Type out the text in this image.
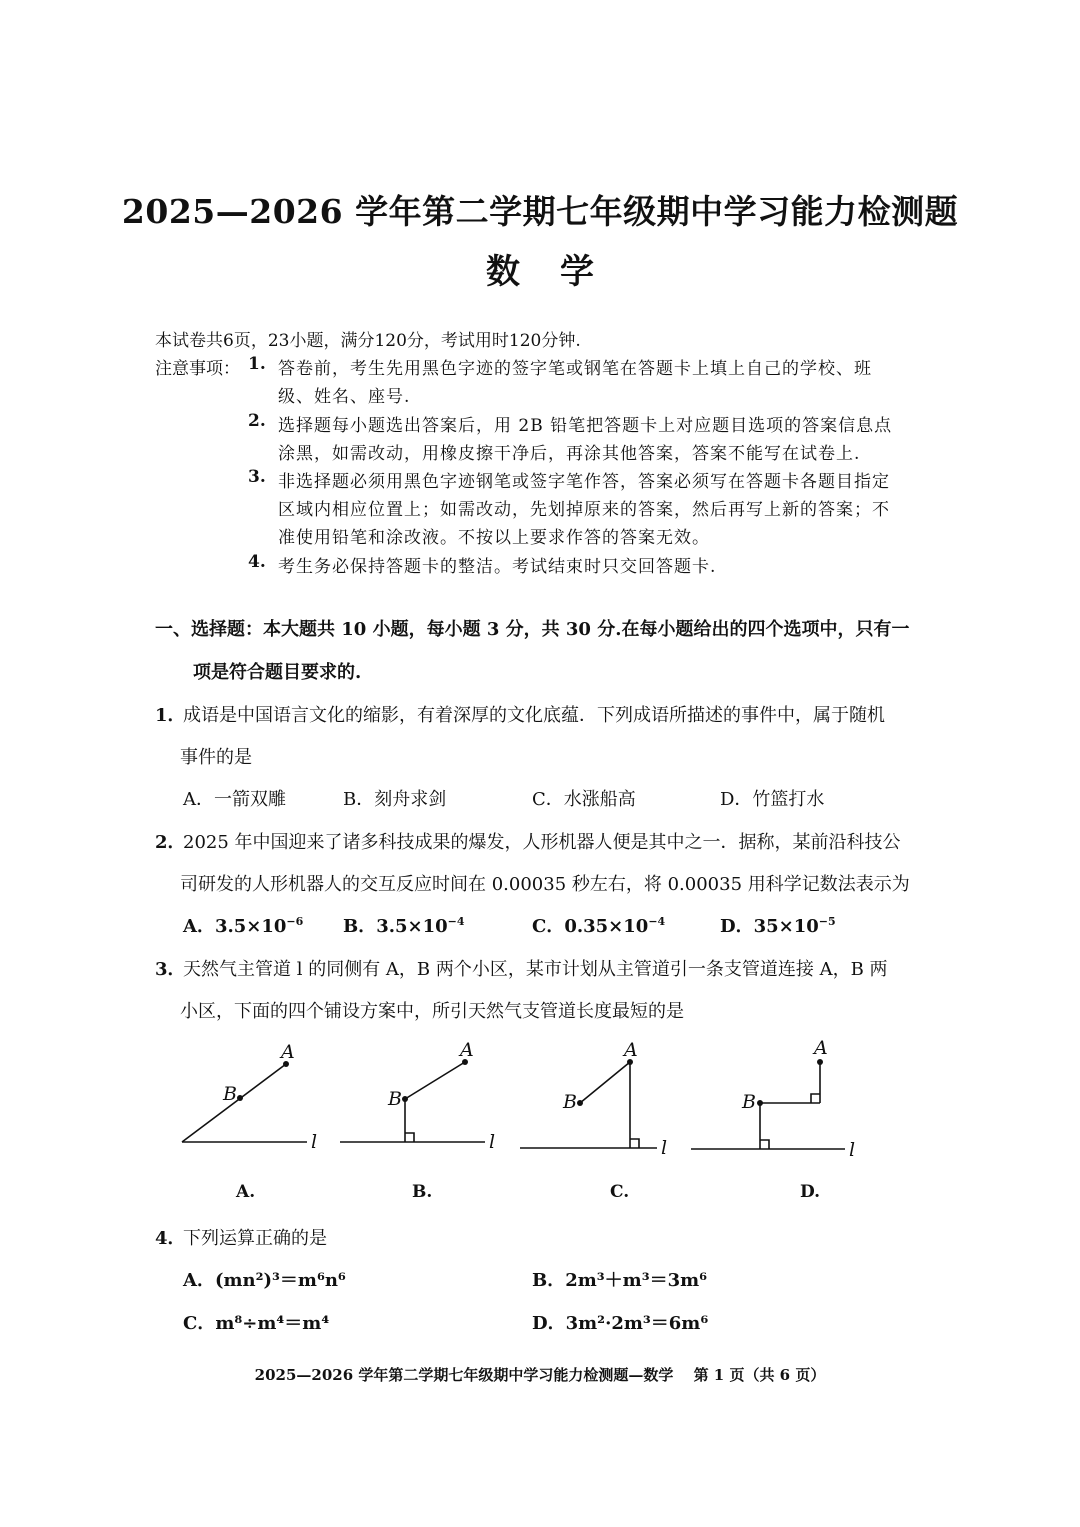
2025—2026 学年第二学期七年级期中学习能力检测题
数学
本试卷共6页，23小题，满分120分，考试用时120分钟.
注意事项： 1. 答卷前，考生先用黑色字迹的签字笔或钢笔在答题卡上填上自己的学校、班
级、姓名、座号.
2. 选择题每小题选出答案后，用 2B 铅笔把答题卡上对应题目选项的答案信息点
涂黑，如需改动，用橡皮擦干净后，再涂其他答案，答案不能写在试卷上.
3. 非选择题必须用黑色字迹钢笔或签字笔作答，答案必须写在答题卡各题目指定
区域内相应位置上；如需改动，先划掉原来的答案，然后再写上新的答案；不
准使用铅笔和涂改液。不按以上要求作答的答案无效。
4. 考生务必保持答题卡的整洁。考试结束时只交回答题卡.
一、选择题：本大题共 10 小题，每小题 3 分，共 30 分.在每小题给出的四个选项中，只有一
项是符合题目要求的.
1．
成语是中国语言文化的缩影，有着深厚的文化底蕴．下列成语所描述的事件中，属于随机
事件的是
A．一箭双雕	B．刻舟求剑	C．水涨船高	D．竹篮打水
2．
2025 年中国迎来了诸多科技成果的爆发，人形机器人便是其中之一．据称，某前沿科技公
司研发的人形机器人的交互反应时间在 0.00035 秒左右，将 0.00035 用科学记数法表示为
A．$3.5\times 10^{-6}$ B．$3.5\times 10^{-4}$	C．$0.35\times 10^{-4}$	D．$35\times 10^{-5}$
3．
天然气主管道 l 的同侧有 A，B 两个小区，某市计划从主管道引一条支管道连接 A，B 两
小区，下面的四个铺设方案中，所引天然气支管道长度最短的是
A
B
l
A
B
l
A
B
l
A
B
l
A.	B.	C.	D.
4．
下列运算正确的是
A．(mn²)³＝m⁶n⁶	B．2m³＋m³＝3m⁶
C．m⁸÷m⁴＝m⁴	D．3m²·2m³＝6m⁶
2025—2026 学年第二学期七年级期中学习能力检测题—数学　 第 1 页（共 6 页）
